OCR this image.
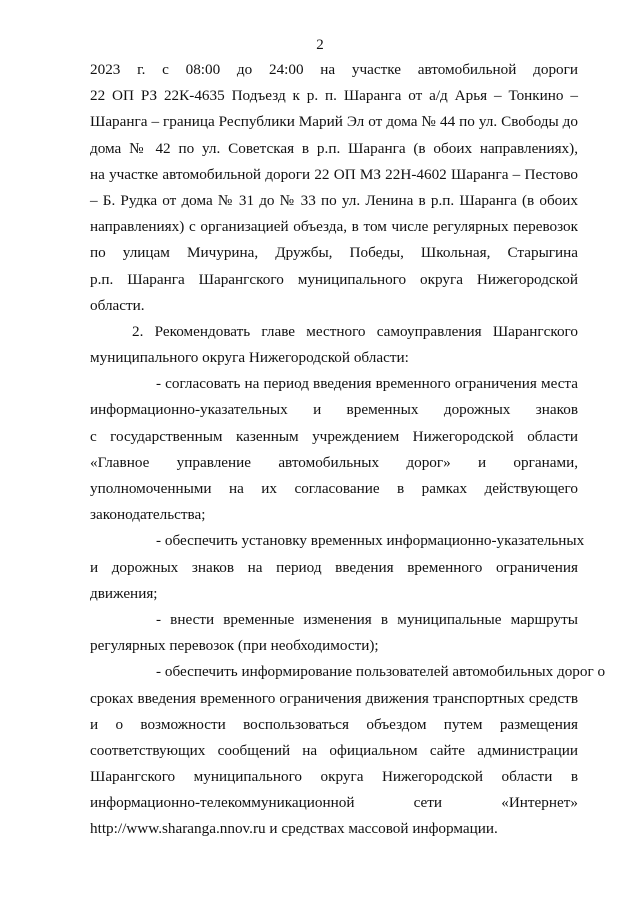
2
2023 г. с 08:00 до 24:00 на участке автомобильной дороги
22 ОП РЗ 22К-4635 Подъезд к р. п. Шаранга от а/д Арья – Тонкино –
Шаранга – граница Республики Марий Эл от дома № 44 по ул. Свободы до
дома № 42 по ул. Советская в р.п. Шаранга (в обоих направлениях),
на участке автомобильной дороги 22 ОП МЗ 22Н-4602 Шаранга – Пестово
– Б. Рудка от дома № 31 до № 33 по ул. Ленина в р.п. Шаранга (в обоих
направлениях) с организацией объезда, в том числе регулярных перевозок
по улицам Мичурина, Дружбы, Победы, Школьная, Старыгина
р.п. Шаранга Шарангского муниципального округа Нижегородской
области.
2. Рекомендовать главе местного самоуправления Шарангского
муниципального округа Нижегородской области:
- согласовать на период введения временного ограничения места
информационно-указательных и временных дорожных знаков
с государственным казенным учреждением Нижегородской области
«Главное управление автомобильных дорог» и органами,
уполномоченными на их согласование в рамках действующего
законодательства;
- обеспечить установку временных информационно-указательных
и дорожных знаков на период введения временного ограничения
движения;
- внести временные изменения в муниципальные маршруты
регулярных перевозок (при необходимости);
- обеспечить информирование пользователей автомобильных дорог о
сроках введения временного ограничения движения транспортных средств
и о возможности воспользоваться объездом путем размещения
соответствующих сообщений на официальном сайте администрации
Шарангского муниципального округа Нижегородской области в
информационно-телекоммуникационной сети «Интернет»
http://www.sharanga.nnov.ru и средствах массовой информации.
